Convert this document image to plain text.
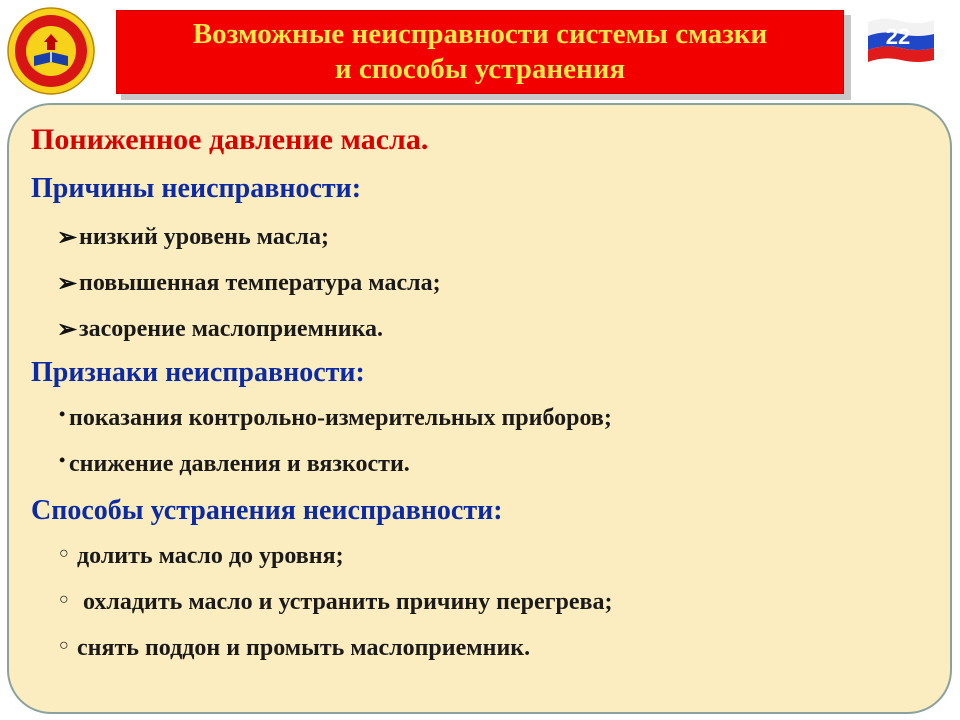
Возможные неисправности системы смазки
и способы устранения
22
Пониженное давление масла.
Причины неисправности:
➢ низкий уровень масла;
➢ повышенная температура масла;
➢ засорение маслоприемника.
Признаки неисправности:
• показания контрольно-измерительных приборов;
• снижение давления и вязкости.
Способы устранения неисправности:
○ долить масло до уровня;
○ охладить масло и устранить причину перегрева;
○ снять поддон и промыть маслоприемник.
